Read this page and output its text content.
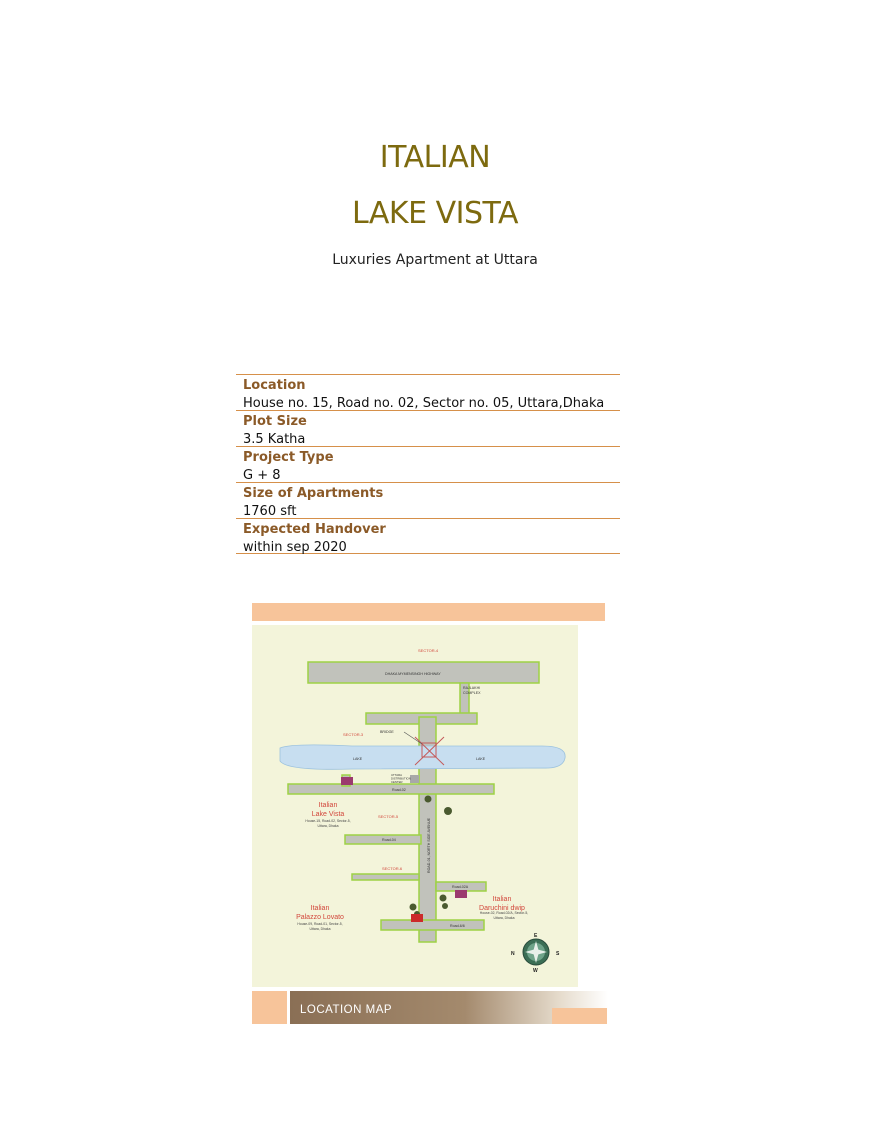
ITALIAN
LAKE VISTA
Luxuries Apartment at Uttara
Location
House no. 15, Road no. 02, Sector no. 05, Uttara,Dhaka
Plot Size
3.5 Katha
Project Type
G + 8
Size of Apartments
1760 sft
Expected Handover
within sep 2020
SECTOR-4
SECTOR-3
SECTOR-5
SECTOR-6
DHAKA MYMENSINGH HIGHWAY
RAJLAKHI COMPLEX
BRIDGE
LAKE	LAKE
UTTARA DISTRIBUTION CENTER
Road-02
Road-04
Road-02A
Road-6/6
ROAD-01, NORTH SIDE AVENUE
Italian Lake Vista
House-15, Road-02, Sector-5, Uttara, Dhaka
Italian Palazzo Lovato
House-09, Road-01, Sector-5, Uttara, Dhaka
Italian Daruchini dwip
House-02, Road-02/A, Sector-5, Uttara, Dhaka
E
W
N	S
LOCATION MAP
